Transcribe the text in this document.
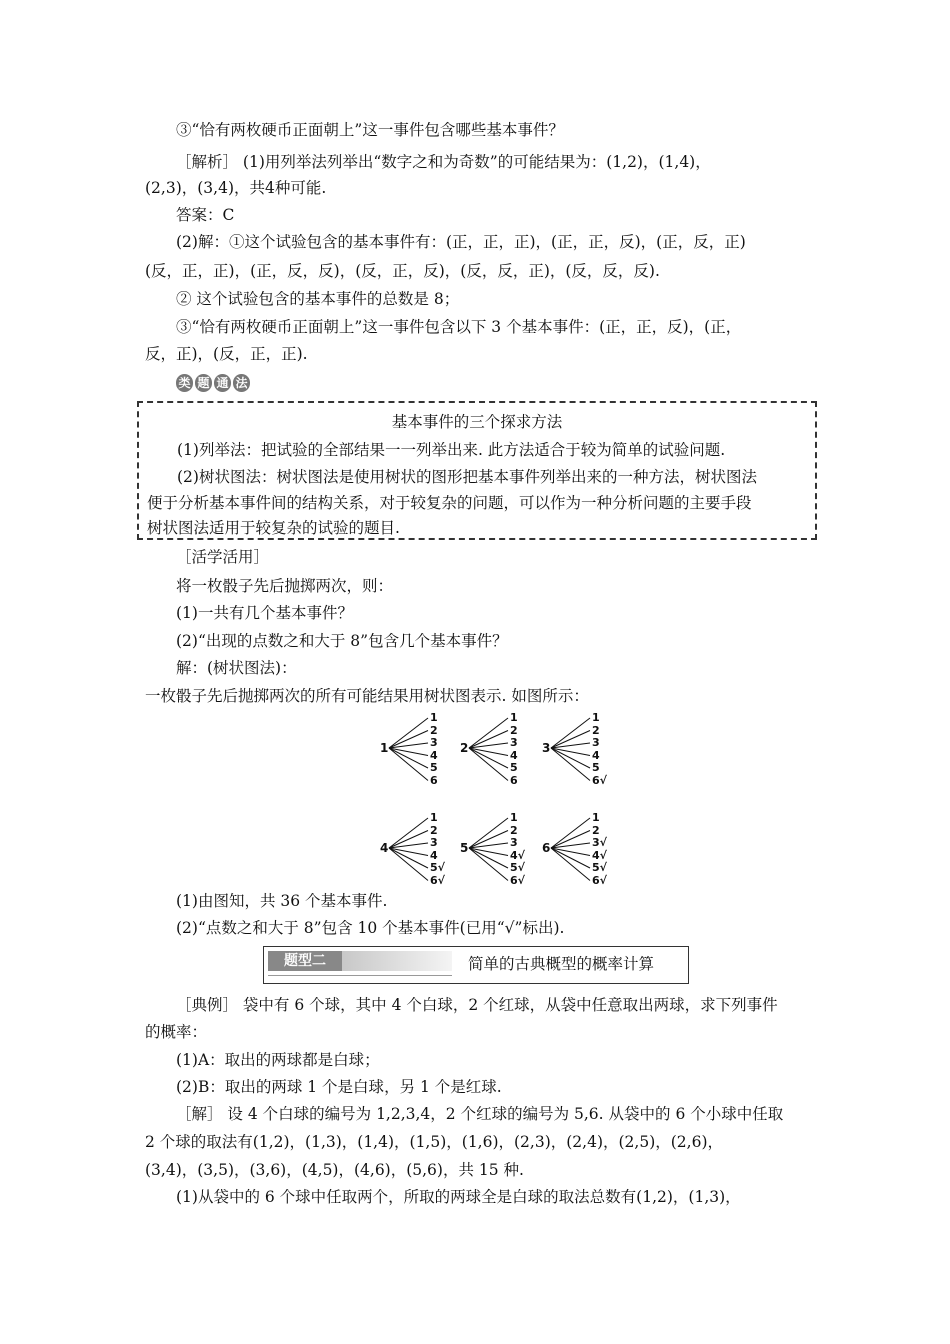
③“恰有两枚硬币正面朝上”这一事件包含哪些基本事件？
［解析］ (1)用列举法列举出“数字之和为奇数”的可能结果为：(1,2)，(1,4)，
(2,3)，(3,4)，共4种可能.
答案：C
(2)解：①这个试验包含的基本事件有：(正，正，正)，(正，正，反)，(正，反，正)
(反，正，正)，(正，反，反)，(反，正，反)，(反，反，正)，(反，反，反).
② 这个试验包含的基本事件的总数是 8；
③“恰有两枚硬币正面朝上”这一事件包含以下 3 个基本事件：(正，正，反)，(正，
反，正)，(反，正，正).
类 题 通 法
基本事件的三个探求方法
(1)列举法：把试验的全部结果一一列举出来. 此方法适合于较为简单的试验问题.
(2)树状图法：树状图法是使用树状的图形把基本事件列举出来的一种方法，树状图法
便于分析基本事件间的结构关系，对于较复杂的问题，可以作为一种分析问题的主要手段
树状图法适用于较复杂的试验的题目.
［活学活用］
将一枚骰子先后抛掷两次，则：
(1)一共有几个基本事件？
(2)“出现的点数之和大于 8”包含几个基本事件？
解：(树状图法)：
一枚骰子先后抛掷两次的所有可能结果用树状图表示. 如图所示：
1
1
2
3
4
5
6
2
1
2
3
4
5
6
3
1
2
3
4
5
6√
4
1
2
3
4
5√
6√
5
1
2
3
4√
5√
6√
6
1
2
3√
4√
5√
6√
(1)由图知，共 36 个基本事件.
(2)“点数之和大于 8”包含 10 个基本事件(已用“√”标出).
题型二	简单的古典概型的概率计算
［典例］ 袋中有 6 个球，其中 4 个白球，2 个红球，从袋中任意取出两球，求下列事件
的概率：
(1)A：取出的两球都是白球；
(2)B：取出的两球 1 个是白球，另 1 个是红球.
［解］ 设 4 个白球的编号为 1,2,3,4，2 个红球的编号为 5,6. 从袋中的 6 个小球中任取
2 个球的取法有(1,2)，(1,3)，(1,4)，(1,5)，(1,6)，(2,3)，(2,4)，(2,5)，(2,6)，
(3,4)，(3,5)，(3,6)，(4,5)，(4,6)，(5,6)，共 15 种.
(1)从袋中的 6 个球中任取两个，所取的两球全是白球的取法总数有(1,2)，(1,3)，
